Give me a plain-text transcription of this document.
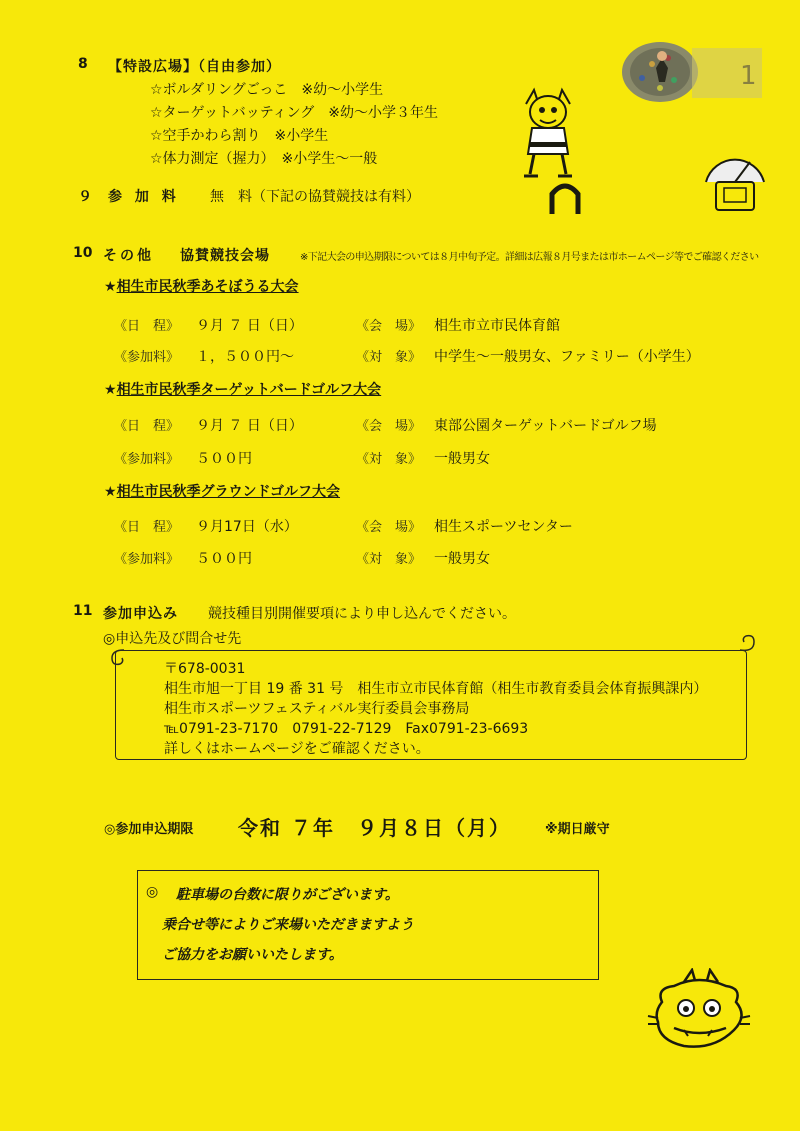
8 【特設広場】（自由参加）
☆ボルダリングごっこ　※幼〜小学生
☆ターゲットバッティング　※幼〜小学３年生
☆空手かわら割り　※小学生
☆体力測定（握力）　※小学生〜一般
1
９ 参 加 料 無　料（下記の協賛競技は有料）
10 その他 協賛競技会場	※下記大会の申込期限については８月中旬予定。詳細は広報８月号または市ホームページ等でご確認ください
★相生市民秋季あそぼうる大会
《日　程》 ９月 ７ 日（日）	《会　場》 相生市立市民体育館
《参加料》 １，５００円〜	《対　象》 中学生〜一般男女、ファミリー（小学生）
★相生市民秋季ターゲットバードゴルフ大会
《日　程》 ９月 ７ 日（日）	《会　場》 東部公園ターゲットバードゴルフ場
《参加料》 ５００円	《対　象》 一般男女
★相生市民秋季グラウンドゴルフ大会
《日　程》 ９月17日（水）	《会　場》 相生スポーツセンター
《参加料》 ５００円	《対　象》 一般男女
11 参加申込み 競技種目別開催要項により申し込んでください。
◎申込先及び問合せ先
〒678-0031
相生市旭一丁目 19 番 31 号　相生市立市民体育館（相生市教育委員会体育振興課内）
相生市スポーツフェスティバル実行委員会事務局
℡0791-23-7170　0791-22-7129　Fax0791-23-6693
詳しくはホームページをご確認ください。
◎参加申込期限 令和 ７年　９月８日（月）	※期日厳守
◎ 駐車場の台数に限りがございます。
乗合せ等によりご来場いただきますよう
ご協力をお願いいたします。
